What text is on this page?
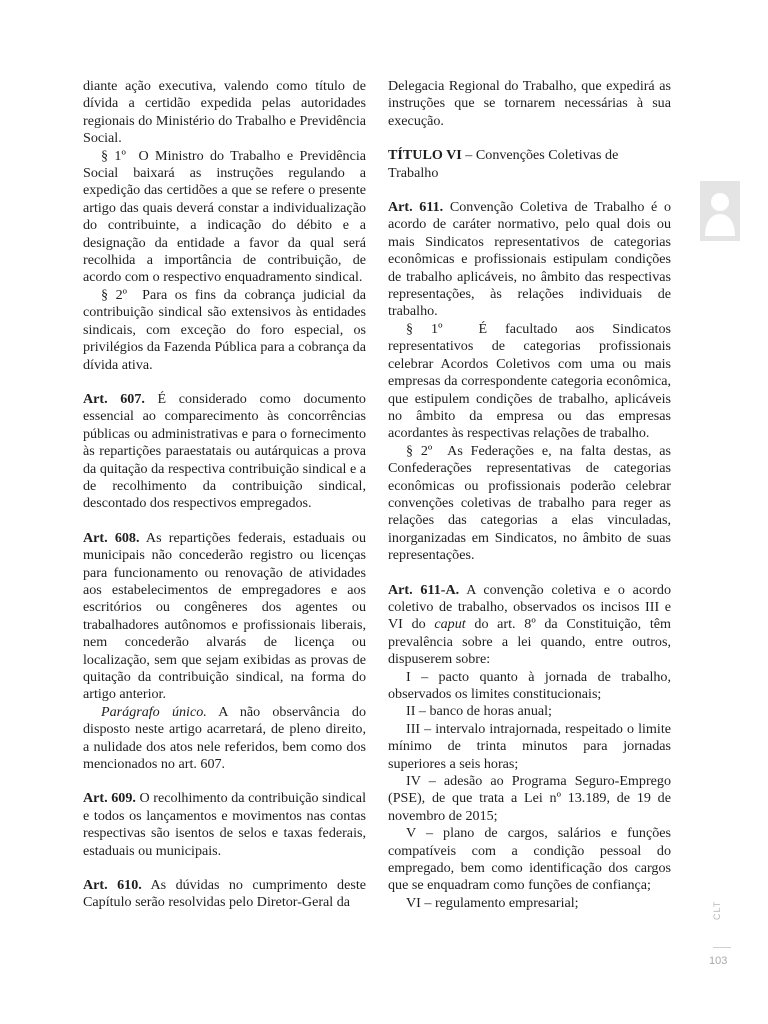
diante ação executiva, valendo como título de dívida a certidão expedida pelas autoridades regionais do Ministério do Trabalho e Previdência Social.

§ 1º O Ministro do Trabalho e Previdência Social baixará as instruções regulando a expedição das certidões a que se refere o presente artigo das quais deverá constar a individualização do contribuinte, a indicação do débito e a designação da entidade a favor da qual será recolhida a importância de contribuição, de acordo com o respectivo enquadramento sindical.

§ 2º Para os fins da cobrança judicial da contribuição sindical são extensivos às entidades sindicais, com exceção do foro especial, os privilégios da Fazenda Pública para a cobrança da dívida ativa.

Art. 607. É considerado como documento essencial ao comparecimento às concorrências públicas ou administrativas e para o fornecimento às repartições paraestatais ou autárquicas a prova da quitação da respectiva contribuição sindical e a de recolhimento da contribuição sindical, descontado dos respectivos empregados.

Art. 608. As repartições federais, estaduais ou municipais não concederão registro ou licenças para funcionamento ou renovação de atividades aos estabelecimentos de empregadores e aos escritórios ou congêneres dos agentes ou trabalhadores autônomos e profissionais liberais, nem concederão alvarás de licença ou localização, sem que sejam exibidas as provas de quitação da contribuição sindical, na forma do artigo anterior.

Parágrafo único. A não observância do disposto neste artigo acarretará, de pleno direito, a nulidade dos atos nele referidos, bem como dos mencionados no art. 607.

Art. 609. O recolhimento da contribuição sindical e todos os lançamentos e movimentos nas contas respectivas são isentos de selos e taxas federais, estaduais ou municipais.

Art. 610. As dúvidas no cumprimento deste Capítulo serão resolvidas pelo Diretor-Geral da

Delegacia Regional do Trabalho, que expedirá as instruções que se tornarem necessárias à sua execução.

TÍTULO VI – Convenções Coletivas de Trabalho

Art. 611. Convenção Coletiva de Trabalho é o acordo de caráter normativo, pelo qual dois ou mais Sindicatos representativos de categorias econômicas e profissionais estipulam condições de trabalho aplicáveis, no âmbito das respectivas representações, às relações individuais de trabalho.

§ 1º	É facultado aos Sindicatos representativos de categorias profissionais celebrar Acordos Coletivos com uma ou mais empresas da correspondente categoria econômica, que estipulem condições de trabalho, aplicáveis no âmbito da empresa ou das empresas acordantes às respectivas relações de trabalho.

§ 2º As Federações e, na falta destas, as Confederações representativas de categorias econômicas ou profissionais poderão celebrar convenções coletivas de trabalho para reger as relações das categorias a elas vinculadas, inorganizadas em Sindicatos, no âmbito de suas representações.

Art. 611-A. A convenção coletiva e o acordo coletivo de trabalho, observados os incisos III e VI do caput do art. 8º da Constituição, têm prevalência sobre a lei quando, entre outros, dispuserem sobre:

I – pacto quanto à jornada de trabalho, observados os limites constitucionais;

II – banco de horas anual;

III – intervalo intrajornada, respeitado o limite mínimo de trinta minutos para jornadas superiores a seis horas;

IV – adesão ao Programa Seguro-Emprego (PSE), de que trata a Lei nº 13.189, de 19 de novembro de 2015;

V – plano de cargos, salários e funções compatíveis com a condição pessoal do empregado, bem como identificação dos cargos que se enquadram como funções de confiança;

VI – regulamento empresarial;	CLT
103
